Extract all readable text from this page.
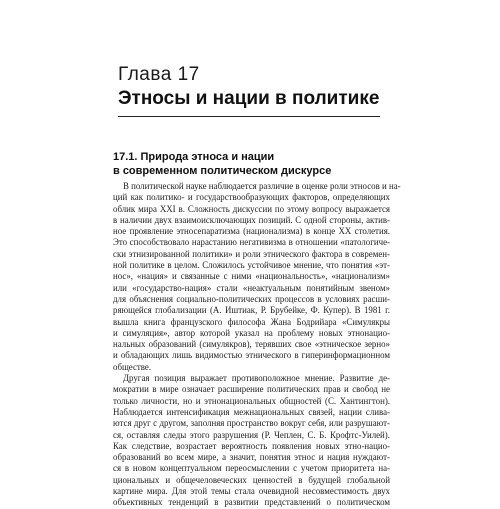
Глава 17
Этносы и нации в политике
17.1. Природа этноса и нации
в современном политическом дискурсе
В политической науке наблюдается различие в оценке роли этносов и на-
ций как политико- и государствообразующих факторов, определяющих
облик мира XXI в. Сложность дискуссии по этому вопросу выражается
в наличии двух взаимоисключающих позиций. С одной стороны, актив-
ное проявление этносепаратизма (национализма) в конце XX столетия.
Это способствовало нарастанию негативизма в отношении «патологиче-
ски этнизированной политики» и роли этнического фактора в современ-
ной политике в целом. Сложилось устойчивое мнение, что понятия «эт-
нос», «нация» и связанные с ними «национальность», «национализм»
или «государство-нация» стали «неактуальным понятийным звеном»
для объяснения социально-политических процессов в условиях расши-
ряющейся глобализации (А. Иштиак, Р. Брубейке, Ф. Купер). В 1981 г.
вышла книга французского философа Жана Бодрийара «Симулякры
и симуляция», автор которой указал на проблему новых этнонацио-
нальных образований (симулякров), терявших свое «этническое зерно»
и обладающих лишь видимостью этнического в гиперинформационном
обществе.
Другая позиция выражает противоположное мнение. Развитие де-
мократии в мире означает расширение политических прав и свобод не
только личности, но и этнонациональных общностей (С. Хантингтон).
Наблюдается интенсификация межнациональных связей, нации слива-
ются друг с другом, заполняя пространство вокруг себя, или разрушают-
ся, оставляя следы этого разрушения (Р. Чеплен, С. Б. Крофтс-Уилей).
Как следствие, возрастает вероятность появления новых этно-нацио-
образований во всем мире, а значит, понятия этнос и нация нуждают-
ся в новом концептуальном переосмыслении с учетом приоритета на-
циональных и общечеловеческих ценностей в будущей глобальной
картине мира. Для этой темы стала очевидной несовместимость двух
объективных тенденций в развитии представлений о политическом
